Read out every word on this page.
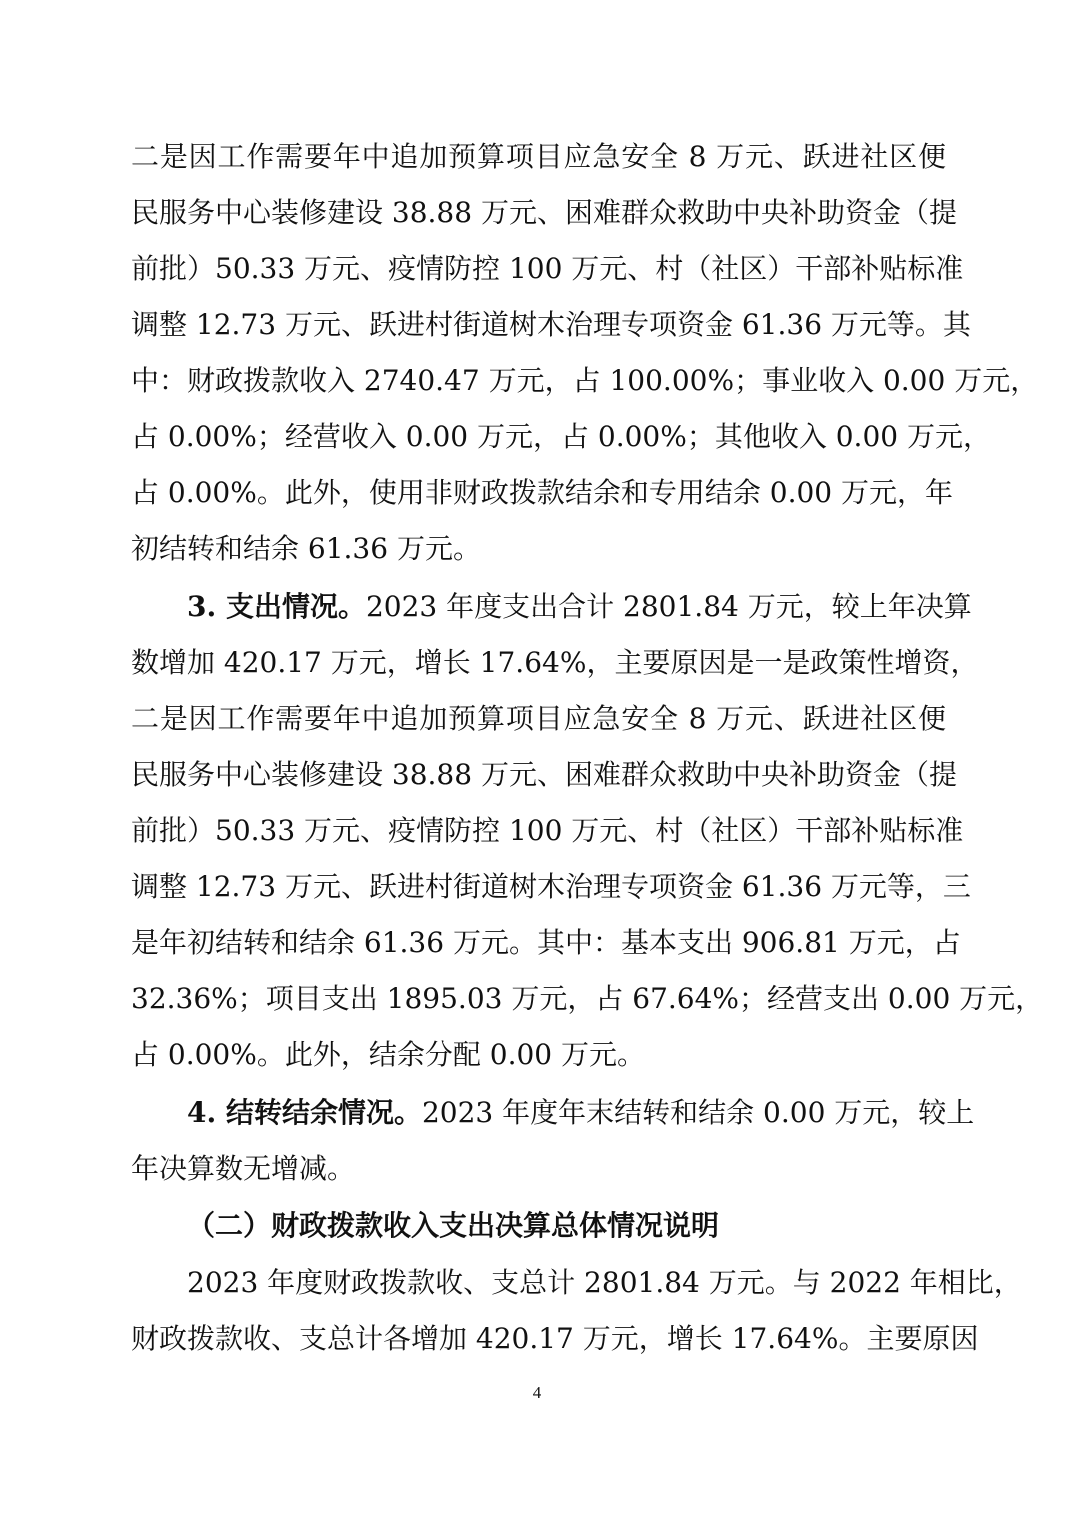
二是因工作需要年中追加预算项目应急安全 8 万元、跃进社区便
民服务中心装修建设 38.88 万元、困难群众救助中央补助资金（提
前批）50.33 万元、疫情防控 100 万元、村（社区）干部补贴标准
调整 12.73 万元、跃进村街道树木治理专项资金 61.36 万元等。其
中：财政拨款收入 2740.47 万元，占 100.00%；事业收入 0.00 万元，
占 0.00%；经营收入 0.00 万元，占 0.00%；其他收入 0.00 万元，
占 0.00%。此外，使用非财政拨款结余和专用结余 0.00 万元，年
初结转和结余 61.36 万元。
3. 支出情况。2023 年度支出合计 2801.84 万元，较上年决算
数增加 420.17 万元，增长 17.64%，主要原因是一是政策性增资，
二是因工作需要年中追加预算项目应急安全 8 万元、跃进社区便
民服务中心装修建设 38.88 万元、困难群众救助中央补助资金（提
前批）50.33 万元、疫情防控 100 万元、村（社区）干部补贴标准
调整 12.73 万元、跃进村街道树木治理专项资金 61.36 万元等，三
是年初结转和结余 61.36 万元。其中：基本支出 906.81 万元，占
32.36%；项目支出 1895.03 万元，占 67.64%；经营支出 0.00 万元，
占 0.00%。此外，结余分配 0.00 万元。
4. 结转结余情况。2023 年度年末结转和结余 0.00 万元，较上
年决算数无增减。
（二）财政拨款收入支出决算总体情况说明
2023 年度财政拨款收、支总计 2801.84 万元。与 2022 年相比，
财政拨款收、支总计各增加 420.17 万元，增长 17.64%。主要原因
4
